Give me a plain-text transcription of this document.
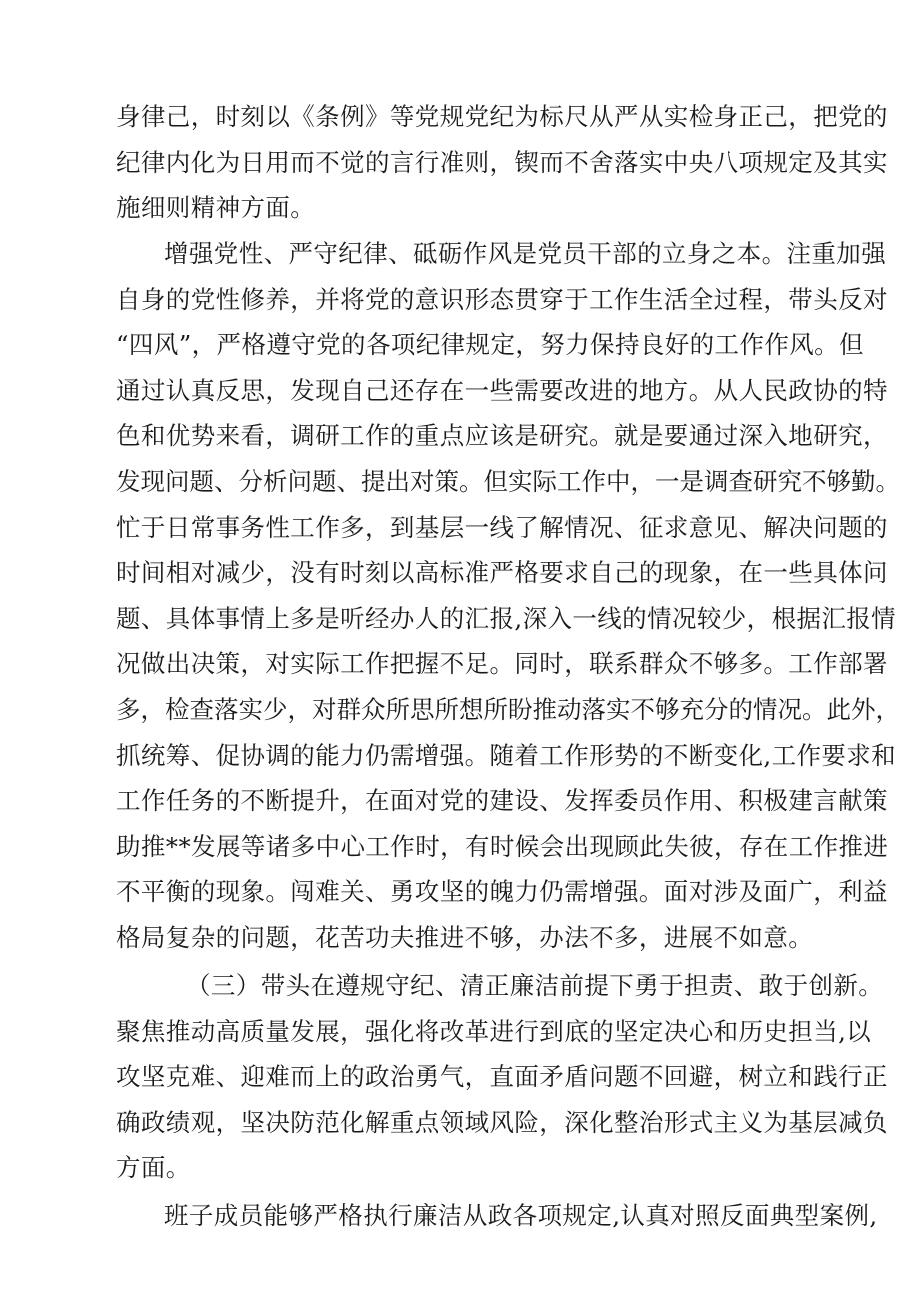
身律己，时刻以《条例》等党规党纪为标尺从严从实检身正己，把党的
纪律内化为日用而不觉的言行准则，锲而不舍落实中央八项规定及其实
施细则精神方面。
增强党性、严守纪律、砥砺作风是党员干部的立身之本。注重加强
自身的党性修养，并将党的意识形态贯穿于工作生活全过程，带头反对
“四风”，严格遵守党的各项纪律规定，努力保持良好的工作作风。但
通过认真反思，发现自己还存在一些需要改进的地方。从人民政协的特
色和优势来看，调研工作的重点应该是研究。就是要通过深入地研究，
发现问题、分析问题、提出对策。但实际工作中，一是调查研究不够勤。
忙于日常事务性工作多，到基层一线了解情况、征求意见、解决问题的
时间相对减少，没有时刻以高标准严格要求自己的现象，在一些具体问
题、具体事情上多是听经办人的汇报,深入一线的情况较少，根据汇报情
况做出决策，对实际工作把握不足。同时，联系群众不够多。工作部署
多，检查落实少，对群众所思所想所盼推动落实不够充分的情况。此外，
抓统筹、促协调的能力仍需增强。随着工作形势的不断变化,工作要求和
工作任务的不断提升，在面对党的建设、发挥委员作用、积极建言献策
助推**发展等诸多中心工作时，有时候会出现顾此失彼，存在工作推进
不平衡的现象。闯难关、勇攻坚的魄力仍需增强。面对涉及面广，利益
格局复杂的问题，花苦功夫推进不够，办法不多，进展不如意。
（三）带头在遵规守纪、清正廉洁前提下勇于担责、敢于创新。
聚焦推动高质量发展，强化将改革进行到底的坚定决心和历史担当,以
攻坚克难、迎难而上的政治勇气，直面矛盾问题不回避，树立和践行正
确政绩观，坚决防范化解重点领域风险，深化整治形式主义为基层减负
方面。
班子成员能够严格执行廉洁从政各项规定,认真对照反面典型案例,
